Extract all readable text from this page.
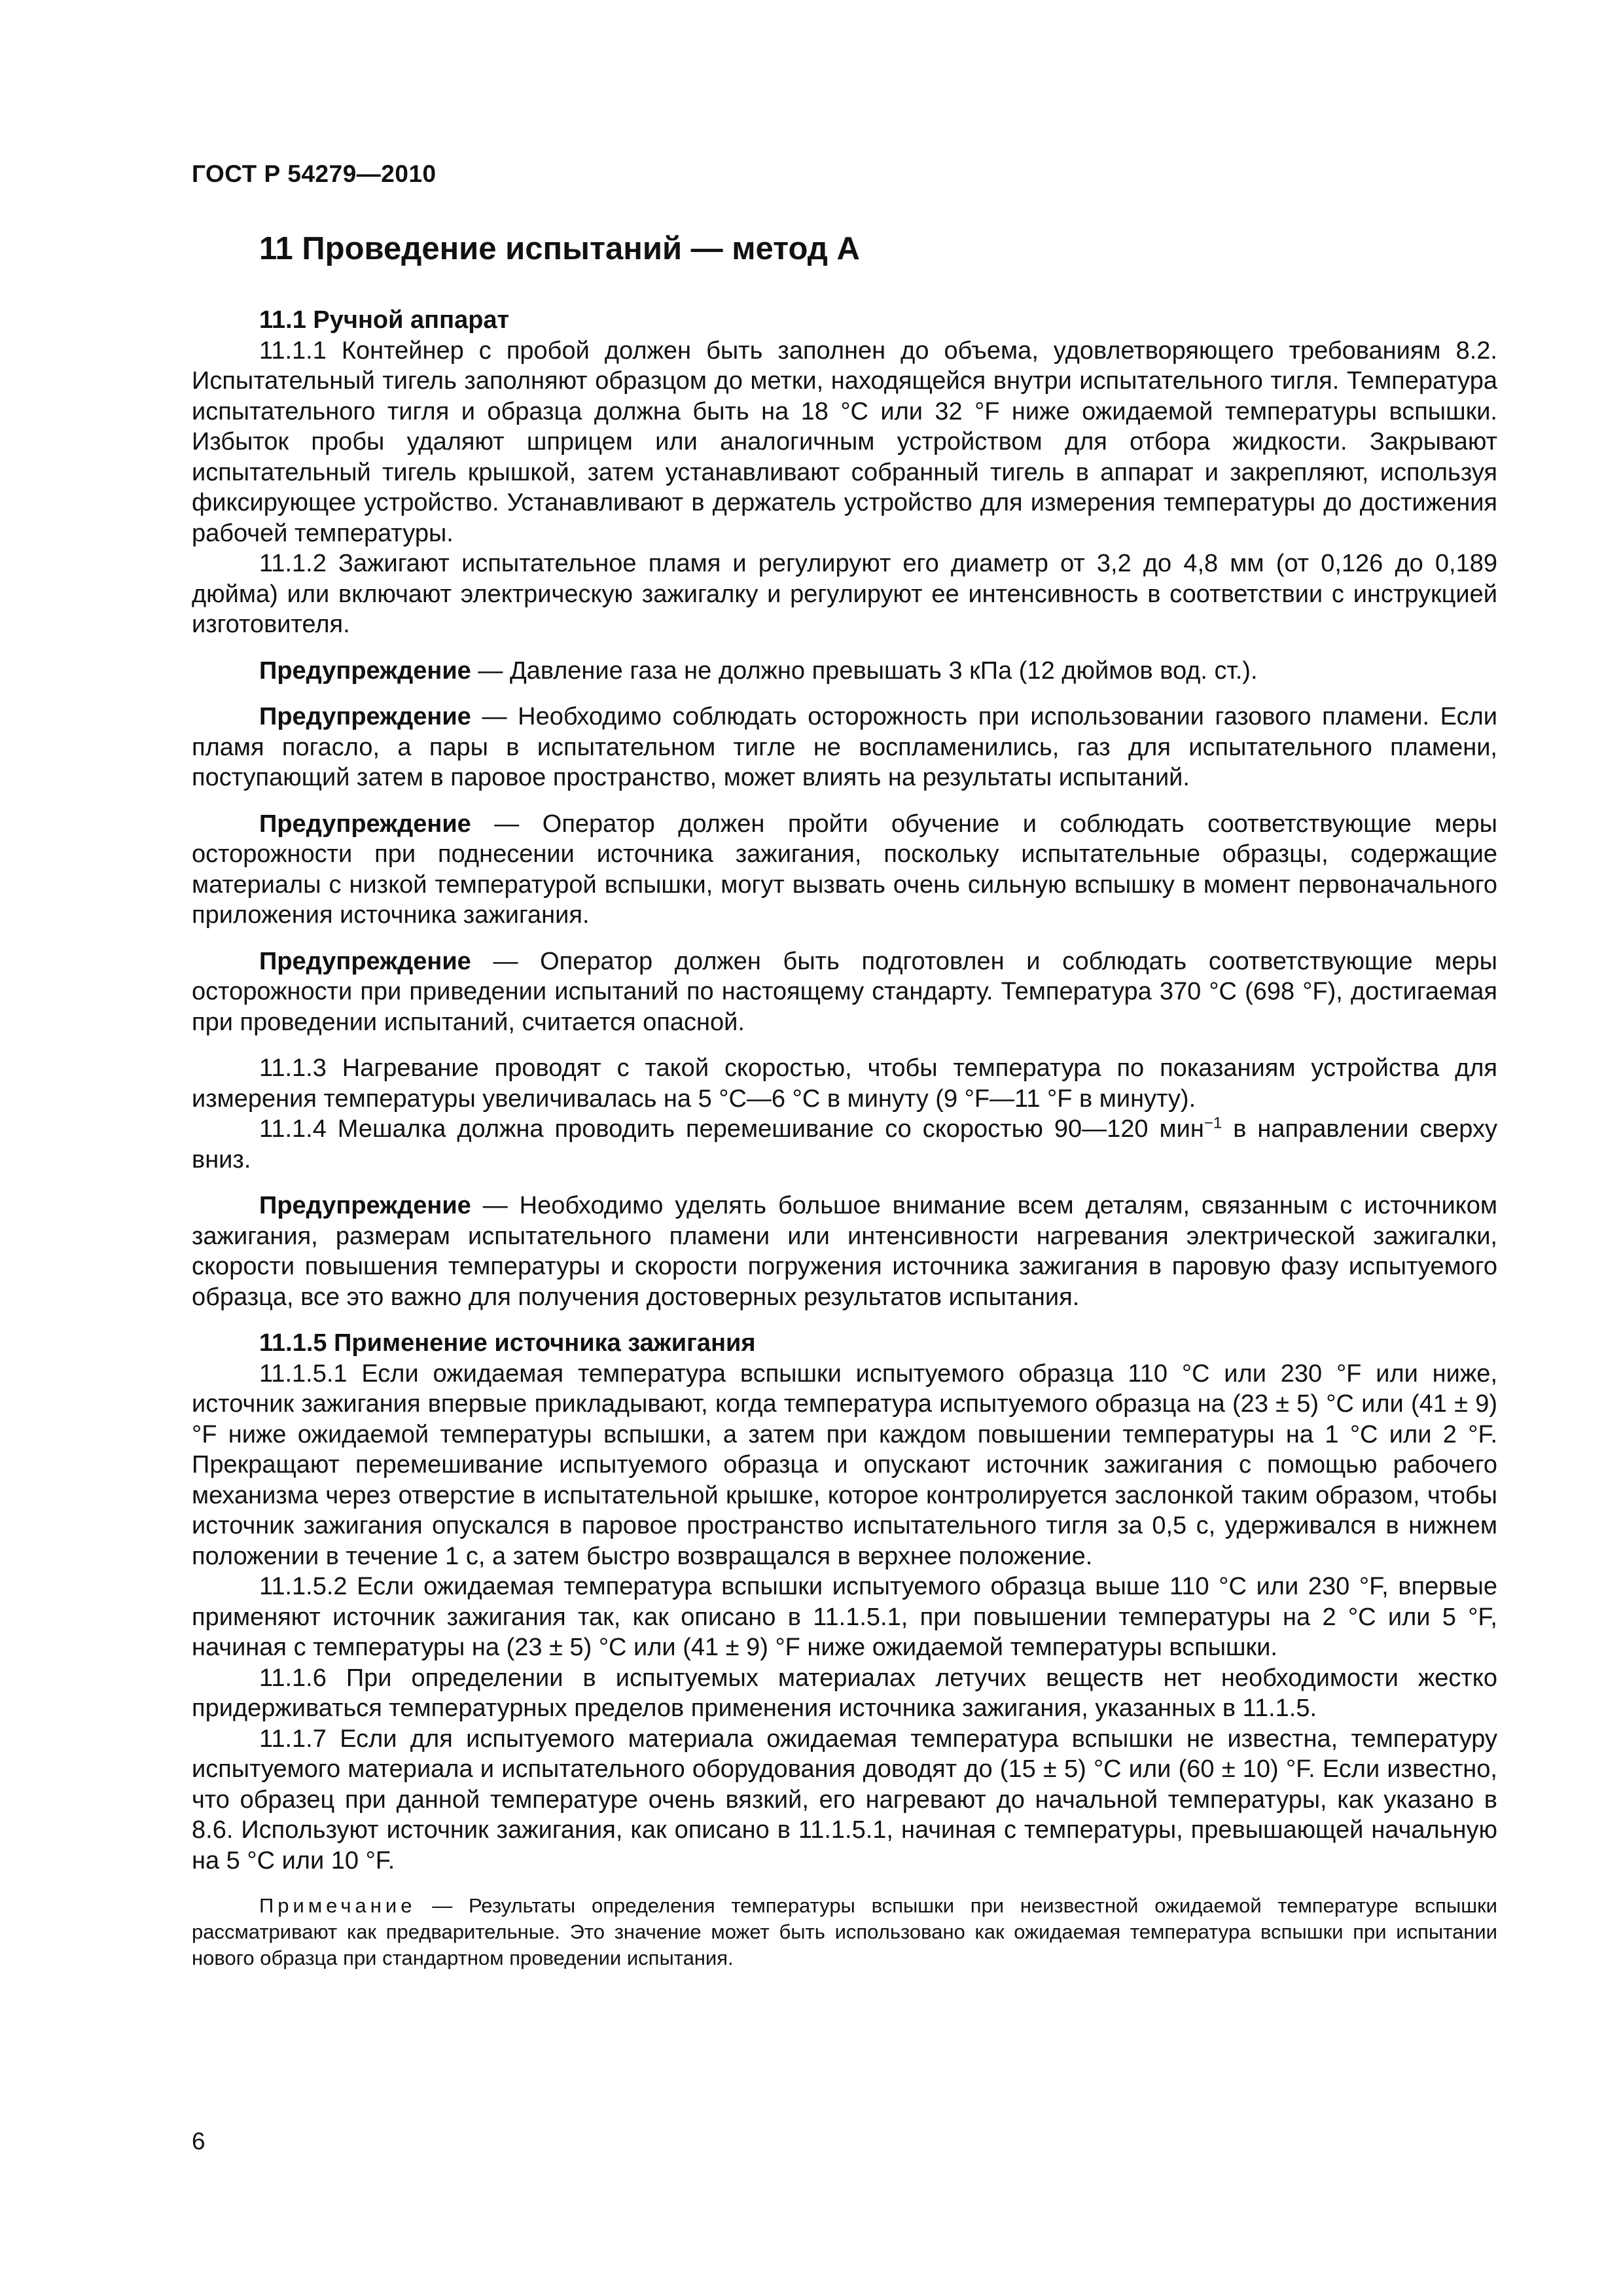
ГОСТ Р 54279—2010
11 Проведение испытаний — метод А

11.1 Ручной аппарат

11.1.1 Контейнер с пробой должен быть заполнен до объема, удовлетворяющего требованиям 8.2. Испытательный тигель заполняют образцом до метки, находящейся внутри испытательного тигля. Температура испытательного тигля и образца должна быть на 18 °С или 32 °F ниже ожидаемой температуры вспышки. Избыток пробы удаляют шприцем или аналогичным устройством для отбора жидкости. Закрывают испытательный тигель крышкой, затем устанавливают собранный тигель в аппарат и закрепляют, используя фиксирующее устройство. Устанавливают в держатель устройство для измерения температуры до достижения рабочей температуры.

11.1.2 Зажигают испытательное пламя и регулируют его диаметр от 3,2 до 4,8 мм (от 0,126 до 0,189 дюйма) или включают электрическую зажигалку и регулируют ее интенсивность в соответствии с инструкцией изготовителя.

Предупреждение — Давление газа не должно превышать 3 кПа (12 дюймов вод. ст.).

Предупреждение — Необходимо соблюдать осторожность при использовании газового пламени. Если пламя погасло, а пары в испытательном тигле не воспламенились, газ для испытательного пламени, поступающий затем в паровое пространство, может влиять на результаты испытаний.

Предупреждение — Оператор должен пройти обучение и соблюдать соответствующие меры осторожности при поднесении источника зажигания, поскольку испытательные образцы, содержащие материалы с низкой температурой вспышки, могут вызвать очень сильную вспышку в момент первоначального приложения источника зажигания.

Предупреждение — Оператор должен быть подготовлен и соблюдать соответствующие меры осторожности при приведении испытаний по настоящему стандарту. Температура 370 °С (698 °F), достигаемая при проведении испытаний, считается опасной.

11.1.3 Нагревание проводят с такой скоростью, чтобы температура по показаниям устройства для измерения температуры увеличивалась на 5 °С—6 °С в минуту (9 °F—11 °F в минуту).

11.1.4 Мешалка должна проводить перемешивание со скоростью 90—120 мин$^{-1}$ в направлении сверху вниз.

Предупреждение — Необходимо уделять большое внимание всем деталям, связанным с источником зажигания, размерам испытательного пламени или интенсивности нагревания электрической зажигалки, скорости повышения температуры и скорости погружения источника зажигания в паровую фазу испытуемого образца, все это важно для получения достоверных результатов испытания.

11.1.5 Применение источника зажигания

11.1.5.1 Если ожидаемая температура вспышки испытуемого образца 110 °С или 230 °F или ниже, источник зажигания впервые прикладывают, когда температура испытуемого образца на (23 ± 5) °С или (41 ± 9) °F ниже ожидаемой температуры вспышки, а затем при каждом повышении температуры на 1 °С или 2 °F. Прекращают перемешивание испытуемого образца и опускают источник зажигания с помощью рабочего механизма через отверстие в испытательной крышке, которое контролируется заслонкой таким образом, чтобы источник зажигания опускался в паровое пространство испытательного тигля за 0,5 с, удерживался в нижнем положении в течение 1 с, а затем быстро возвращался в верхнее положение.

11.1.5.2 Если ожидаемая температура вспышки испытуемого образца выше 110 °С или 230 °F, впервые применяют источник зажигания так, как описано в 11.1.5.1, при повышении температуры на 2 °С или 5 °F, начиная с температуры на (23 ± 5) °С или (41 ± 9) °F ниже ожидаемой температуры вспышки.

11.1.6 При определении в испытуемых материалах летучих веществ нет необходимости жестко придерживаться температурных пределов применения источника зажигания, указанных в 11.1.5.

11.1.7 Если для испытуемого материала ожидаемая температура вспышки не известна, температуру испытуемого материала и испытательного оборудования доводят до (15 ± 5) °С или (60 ± 10) °F. Если известно, что образец при данной температуре очень вязкий, его нагревают до начальной температуры, как указано в 8.6. Используют источник зажигания, как описано в 11.1.5.1, начиная с температуры, превышающей начальную на 5 °С или 10 °F.

Примечание — Результаты определения температуры вспышки при неизвестной ожидаемой температуре вспышки рассматривают как предварительные. Это значение может быть использовано как ожидаемая температура вспышки при испытании нового образца при стандартном проведении испытания.
6
